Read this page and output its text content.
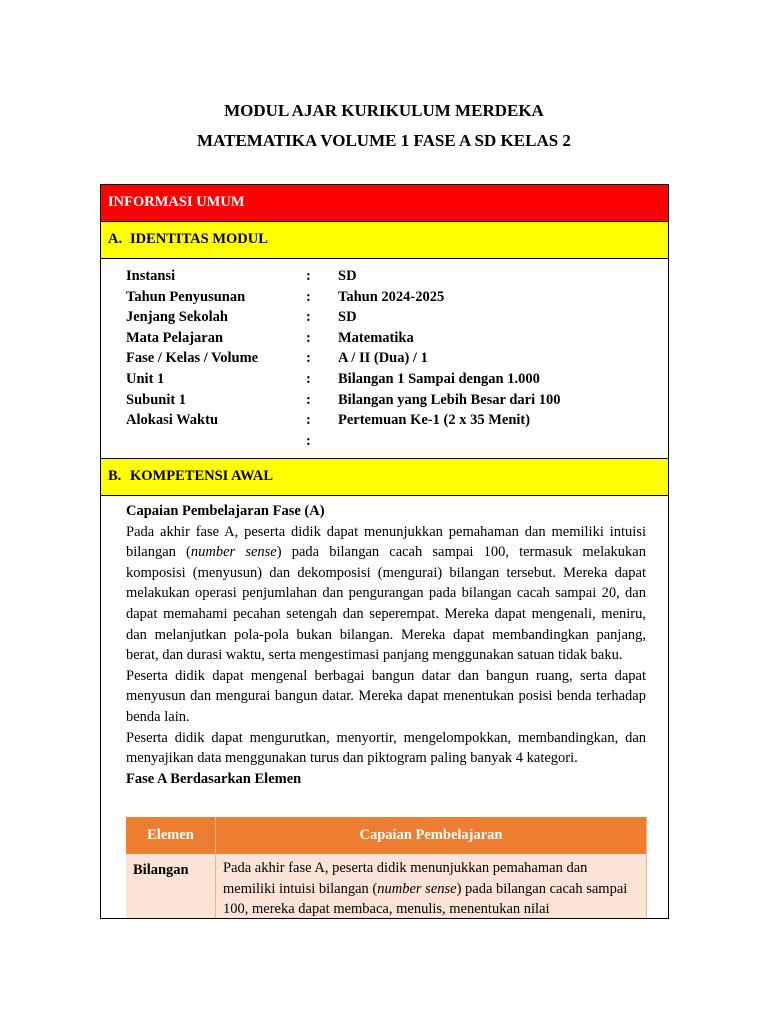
MODUL AJAR KURIKULUM MERDEKA
MATEMATIKA VOLUME 1 FASE A SD KELAS 2
INFORMASI UMUM
A. IDENTITAS MODUL
Instansi	: SD
Tahun Penyusunan	: Tahun 2024-2025
Jenjang Sekolah	: SD
Mata Pelajaran	: Matematika
Fase / Kelas / Volume	: A / II (Dua) / 1
Unit 1	: Bilangan 1 Sampai dengan 1.000
Subunit 1	: Bilangan yang Lebih Besar dari 100
Alokasi Waktu	: Pertemuan Ke-1 (2 x 35 Menit)
:
B. KOMPETENSI AWAL
Capaian Pembelajaran Fase (A)

Pada akhir fase A, peserta didik dapat menunjukkan pemahaman dan memiliki intuisi bilangan (number sense) pada bilangan cacah sampai 100, termasuk melakukan komposisi (menyusun) dan dekomposisi (mengurai) bilangan tersebut. Mereka dapat melakukan operasi penjumlahan dan pengurangan pada bilangan cacah sampai 20, dan dapat memahami pecahan setengah dan seperempat. Mereka dapat mengenali, meniru, dan melanjutkan pola-pola bukan bilangan. Mereka dapat membandingkan panjang, berat, dan durasi waktu, serta mengestimasi panjang menggunakan satuan tidak baku.

Peserta didik dapat mengenal berbagai bangun datar dan bangun ruang, serta dapat menyusun dan mengurai bangun datar. Mereka dapat menentukan posisi benda terhadap benda lain.

Peserta didik dapat mengurutkan, menyortir, mengelompokkan, membandingkan, dan menyajikan data menggunakan turus dan piktogram paling banyak 4 kategori.

Fase A Berdasarkan Elemen
Elemen	Capaian Pembelajaran
Bilangan	Pada akhir fase A, peserta didik menunjukkan pemahaman dan memiliki intuisi bilangan (number sense) pada bilangan cacah sampai 100, mereka dapat membaca, menulis, menentukan nilai
